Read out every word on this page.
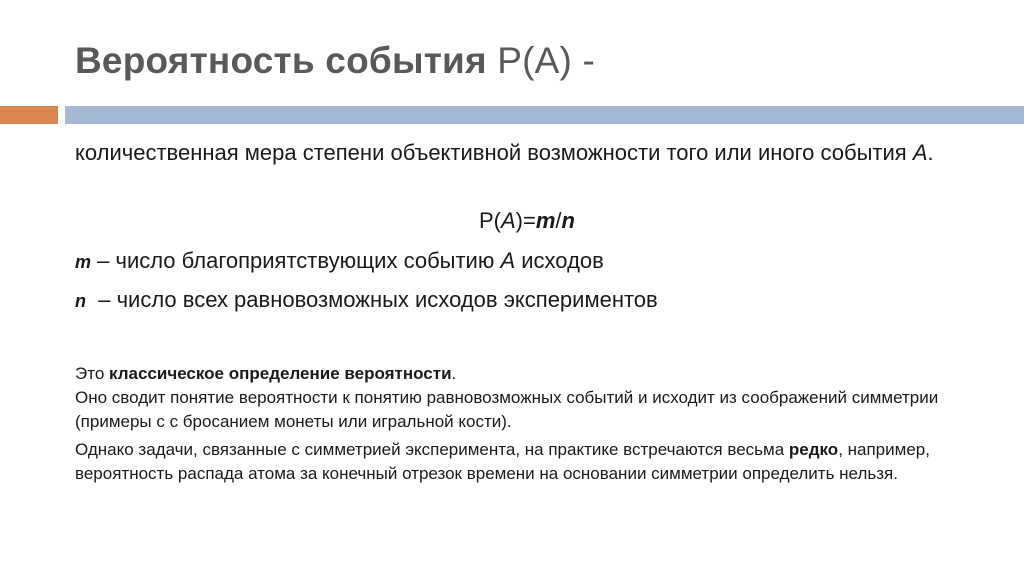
Вероятность события P(A) -
количественная мера степени объективной возможности того или иного события A.
P(A)=m/n
m – число благоприятствующих событию A исходов
n  – число всех равновозможных исходов экспериментов
Это классическое определение вероятности.
Оно сводит понятие вероятности к понятию равновозможных событий и исходит из соображений симметрии (примеры с с бросанием монеты или игральной кости).
Однако задачи, связанные с симметрией эксперимента, на практике встречаются весьма редко, например, вероятность распада атома за конечный отрезок времени на основании симметрии определить нельзя.
